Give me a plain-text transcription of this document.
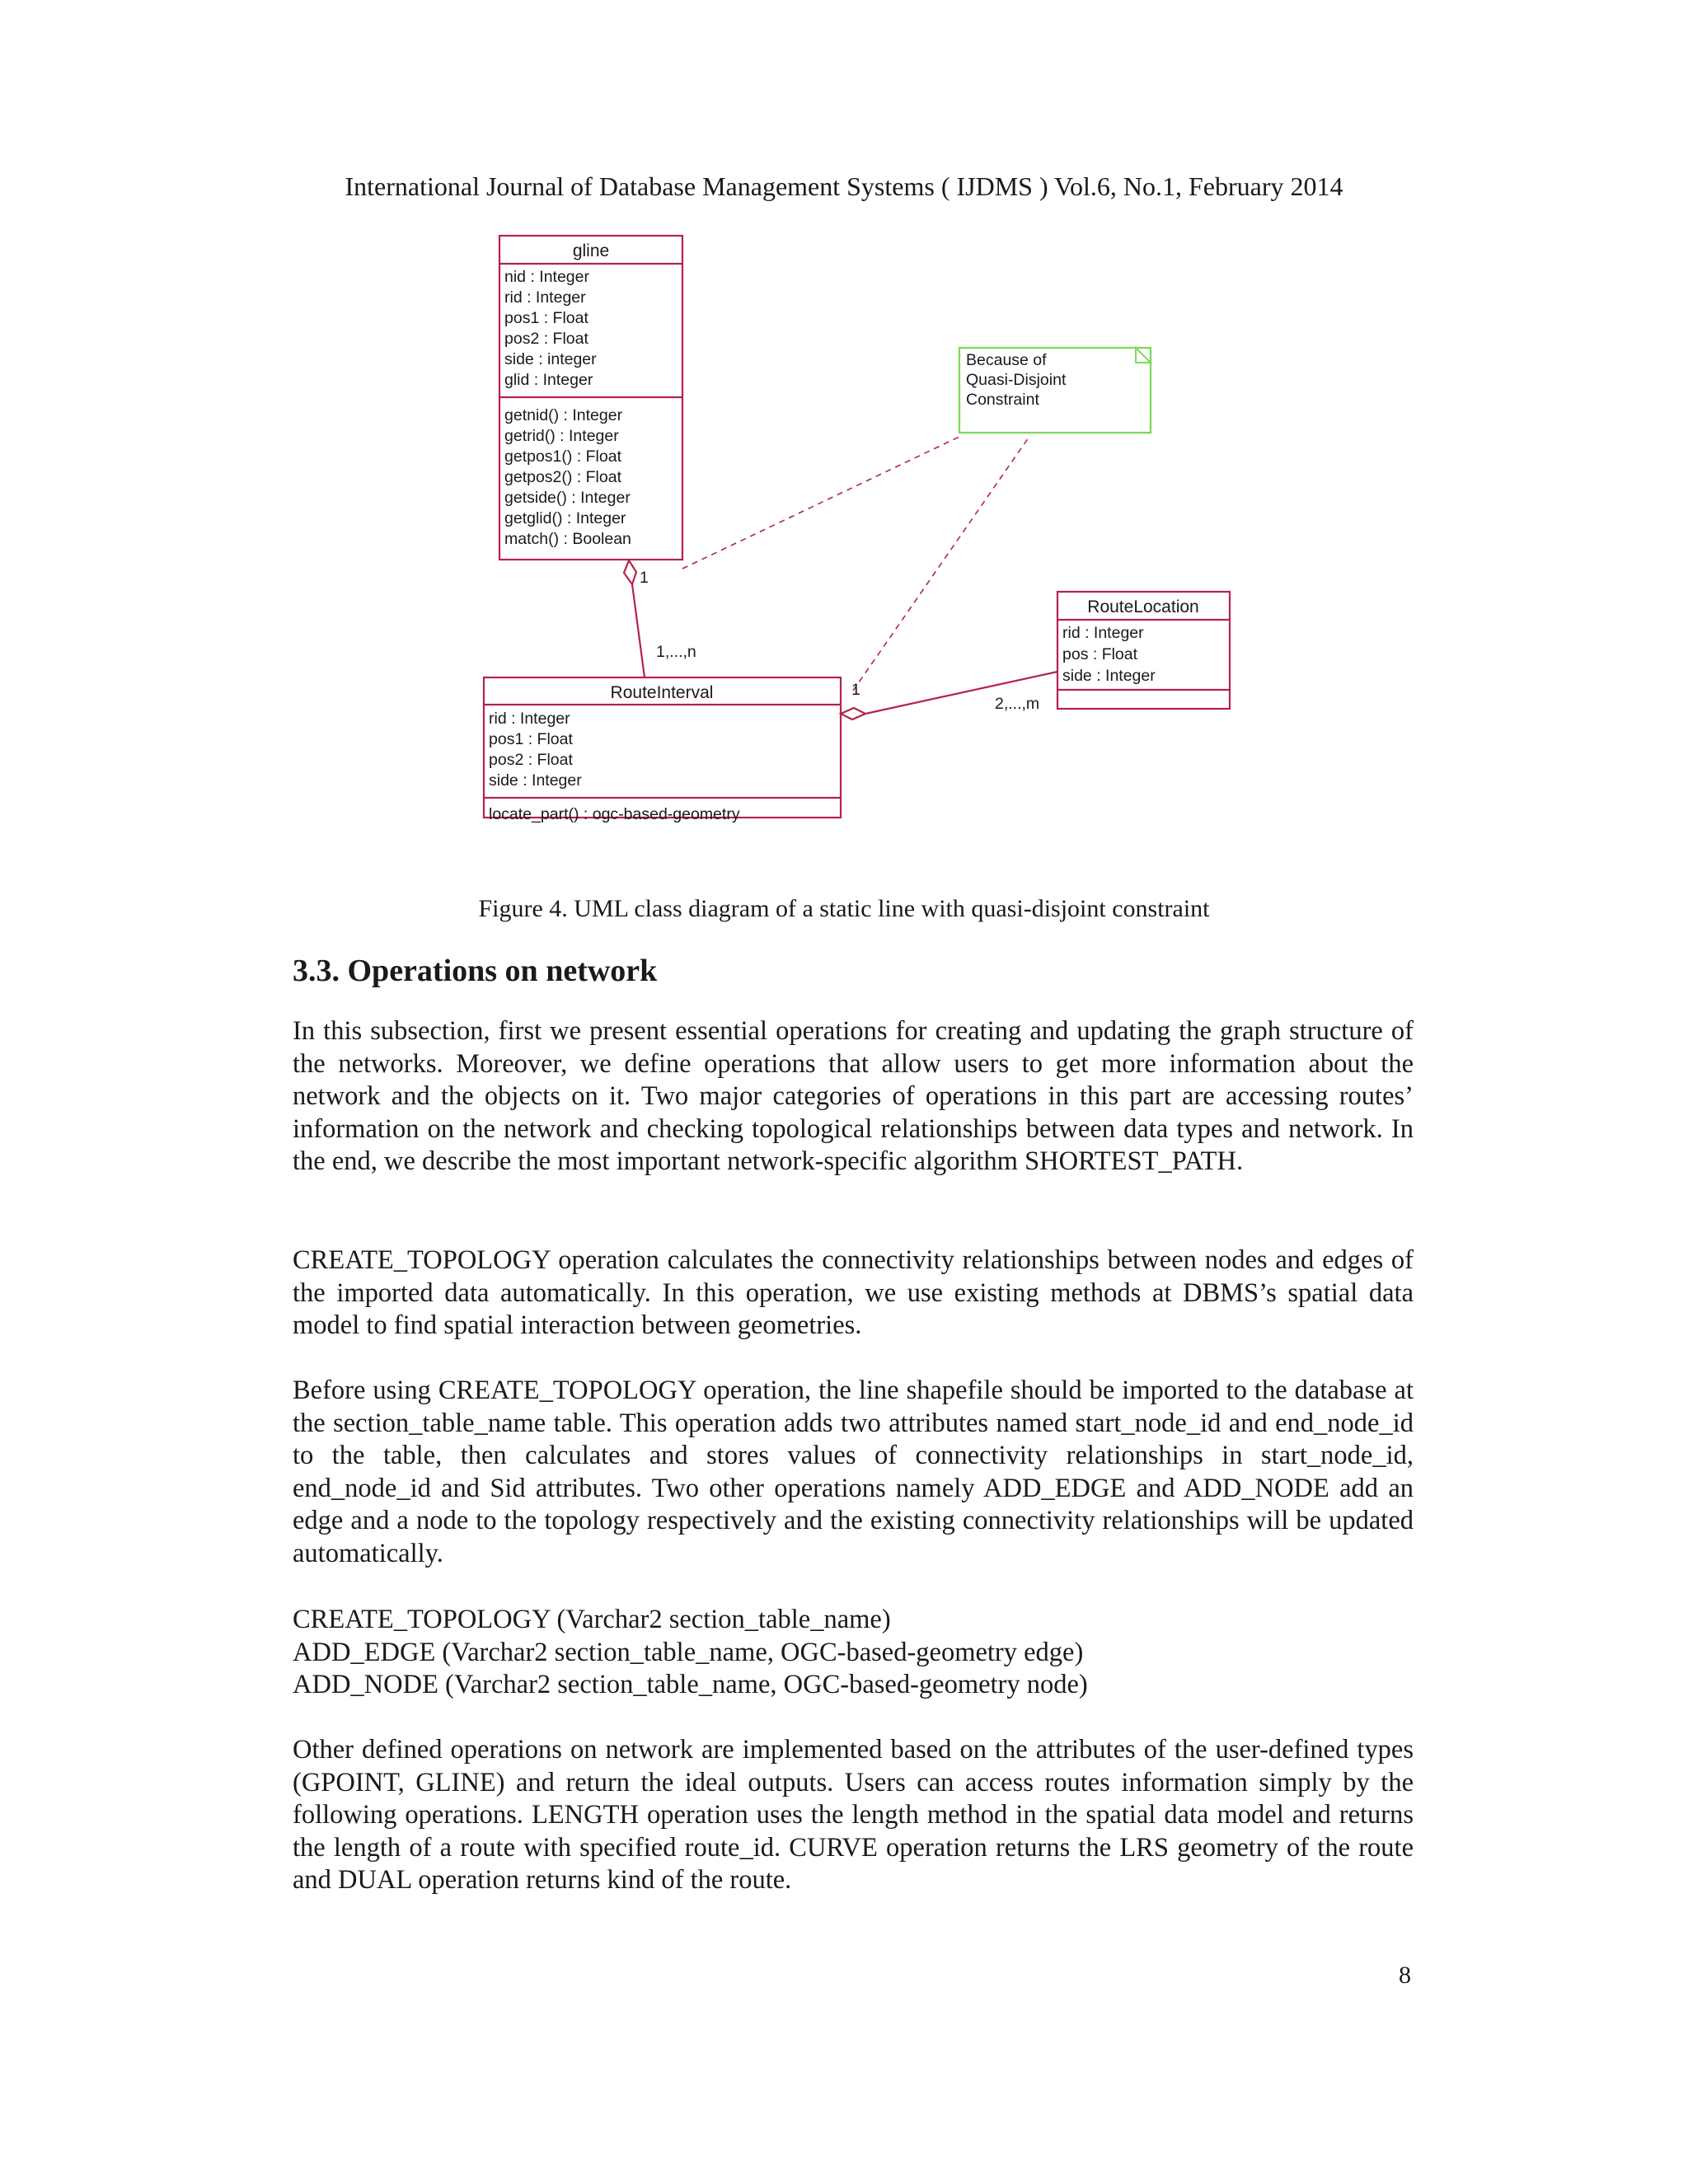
International Journal of Database Management Systems ( IJDMS ) Vol.6, No.1, February 2014
gline
nid : Integer
rid : Integer
pos1 : Float
pos2 : Float
side : integer
glid : Integer
getnid() : Integer
getrid() : Integer
getpos1() : Float
getpos2() : Float
getside() : Integer
getglid() : Integer
match() : Boolean
RouteInterval
rid : Integer
pos1 : Float
pos2 : Float
side : Integer
locate_part() : ogc-based-geometry
RouteLocation
rid : Integer
pos : Float
side : Integer
Because of
Quasi-Disjoint
Constraint
1
1,...,n
1
2,...,m
Figure 4. UML class diagram of a static line with quasi-disjoint constraint
3.3. Operations on network

In this subsection, first we present essential operations for creating and updating the graph structure of the networks. Moreover, we define operations that allow users to get more information about the network and the objects on it. Two major categories of operations in this part are accessing routes’ information on the network and checking topological relationships between data types and network. In the end, we describe the most important network-specific algorithm SHORTEST_PATH.

CREATE_TOPOLOGY operation calculates the connectivity relationships between nodes and edges of the imported data automatically. In this operation, we use existing methods at DBMS’s spatial data model to find spatial interaction between geometries.

Before using CREATE_TOPOLOGY operation, the line shapefile should be imported to the database at the section_table_name table. This operation adds two attributes named start_node_id and end_node_id to the table, then calculates and stores values of connectivity relationships in start_node_id, end_node_id and Sid attributes. Two other operations namely ADD_EDGE and ADD_NODE add an edge and a node to the topology respectively and the existing connectivity relationships will be updated automatically.

CREATE_TOPOLOGY (Varchar2 section_table_name)
ADD_EDGE (Varchar2 section_table_name, OGC-based-geometry edge)
ADD_NODE (Varchar2 section_table_name, OGC-based-geometry node)

Other defined operations on network are implemented based on the attributes of the user-defined types (GPOINT, GLINE) and return the ideal outputs. Users can access routes information simply by the following operations. LENGTH operation uses the length method in the spatial data model and returns the length of a route with specified route_id. CURVE operation returns the LRS geometry of the route and DUAL operation returns kind of the route.

8
